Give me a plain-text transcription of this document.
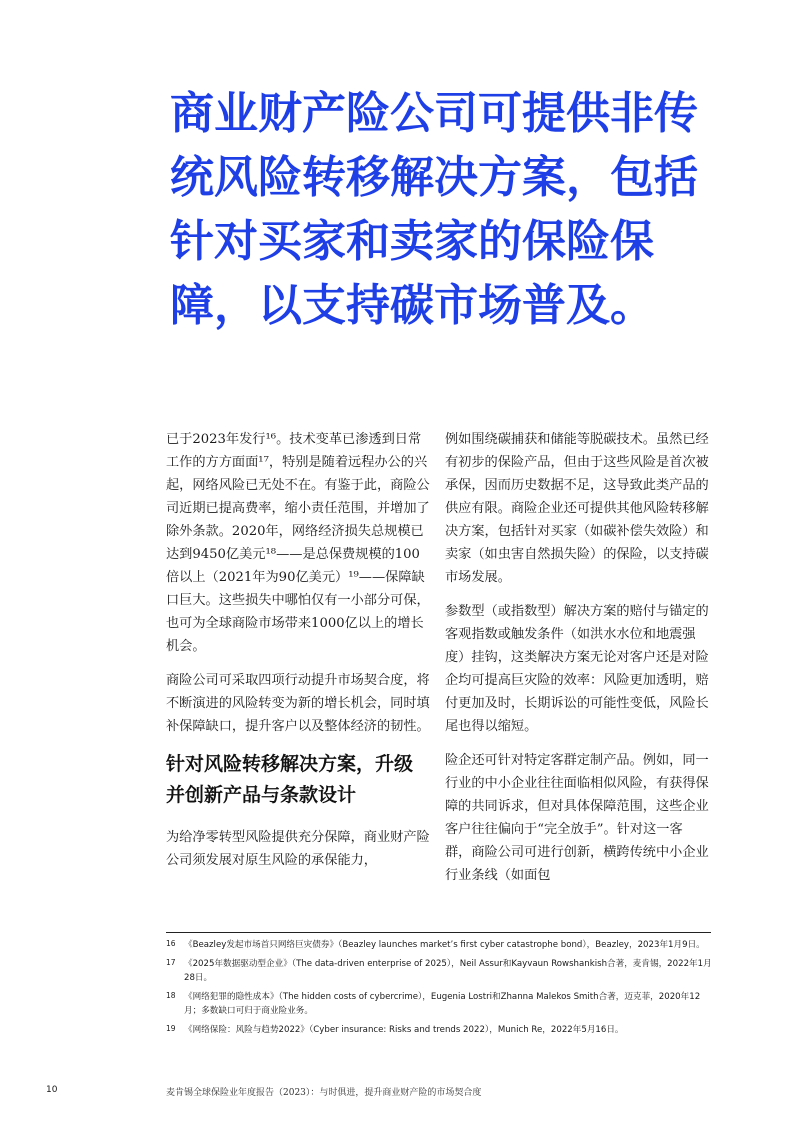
商业财产险公司可提供非传统风险转移解决方案，包括针对买家和卖家的保险保障，以支持碳市场普及。

已于2023年发行¹⁶。技术变革已渗透到日常工作的方方面面¹⁷，特别是随着远程办公的兴起，网络风险已无处不在。有鉴于此，商险公司近期已提高费率，缩小责任范围，并增加了除外条款。2020年，网络经济损失总规模已达到9450亿美元¹⁸——是总保费规模的100倍以上（2021年为90亿美元）¹⁹——保障缺口巨大。这些损失中哪怕仅有一小部分可保，也可为全球商险市场带来1000亿以上的增长机会。

商险公司可采取四项行动提升市场契合度，将不断演进的风险转变为新的增长机会，同时填补保障缺口，提升客户以及整体经济的韧性。

针对风险转移解决方案，升级并创新产品与条款设计

为给净零转型风险提供充分保障，商业财产险公司须发展对原生风险的承保能力，

例如围绕碳捕获和储能等脱碳技术。虽然已经有初步的保险产品，但由于这些风险是首次被承保，因而历史数据不足，这导致此类产品的供应有限。商险企业还可提供其他风险转移解决方案，包括针对买家（如碳补偿失效险）和卖家（如虫害自然损失险）的保险，以支持碳市场发展。

参数型（或指数型）解决方案的赔付与锚定的客观指数或触发条件（如洪水水位和地震强度）挂钩，这类解决方案无论对客户还是对险企均可提高巨灾险的效率：风险更加透明，赔付更加及时，长期诉讼的可能性变低，风险长尾也得以缩短。

险企还可针对特定客群定制产品。例如，同一行业的中小企业往往面临相似风险，有获得保障的共同诉求，但对具体保障范围，这些企业客户往往偏向于“完全放手”。针对这一客群，商险公司可进行创新，横跨传统中小企业行业条线（如面包

16 《Beazley发起市场首只网络巨灾债券》（Beazley launches market’s first cyber catastrophe bond），Beazley，2023年1月9日。
17 《2025年数据驱动型企业》（The data-driven enterprise of 2025），Neil Assur和Kayvaun Rowshankish合著，麦肯锡，2022年1月28日。
18 《网络犯罪的隐性成本》（The hidden costs of cybercrime），Eugenia Lostri和Zhanna Malekos Smith合著，迈克菲，2020年12月；多数缺口可归于商业险业务。
19 《网络保险：风险与趋势2022》（Cyber insurance: Risks and trends 2022），Munich Re，2022年5月16日。
10	麦肯锡全球保险业年度报告（2023）：与时俱进，提升商业财产险的市场契合度
